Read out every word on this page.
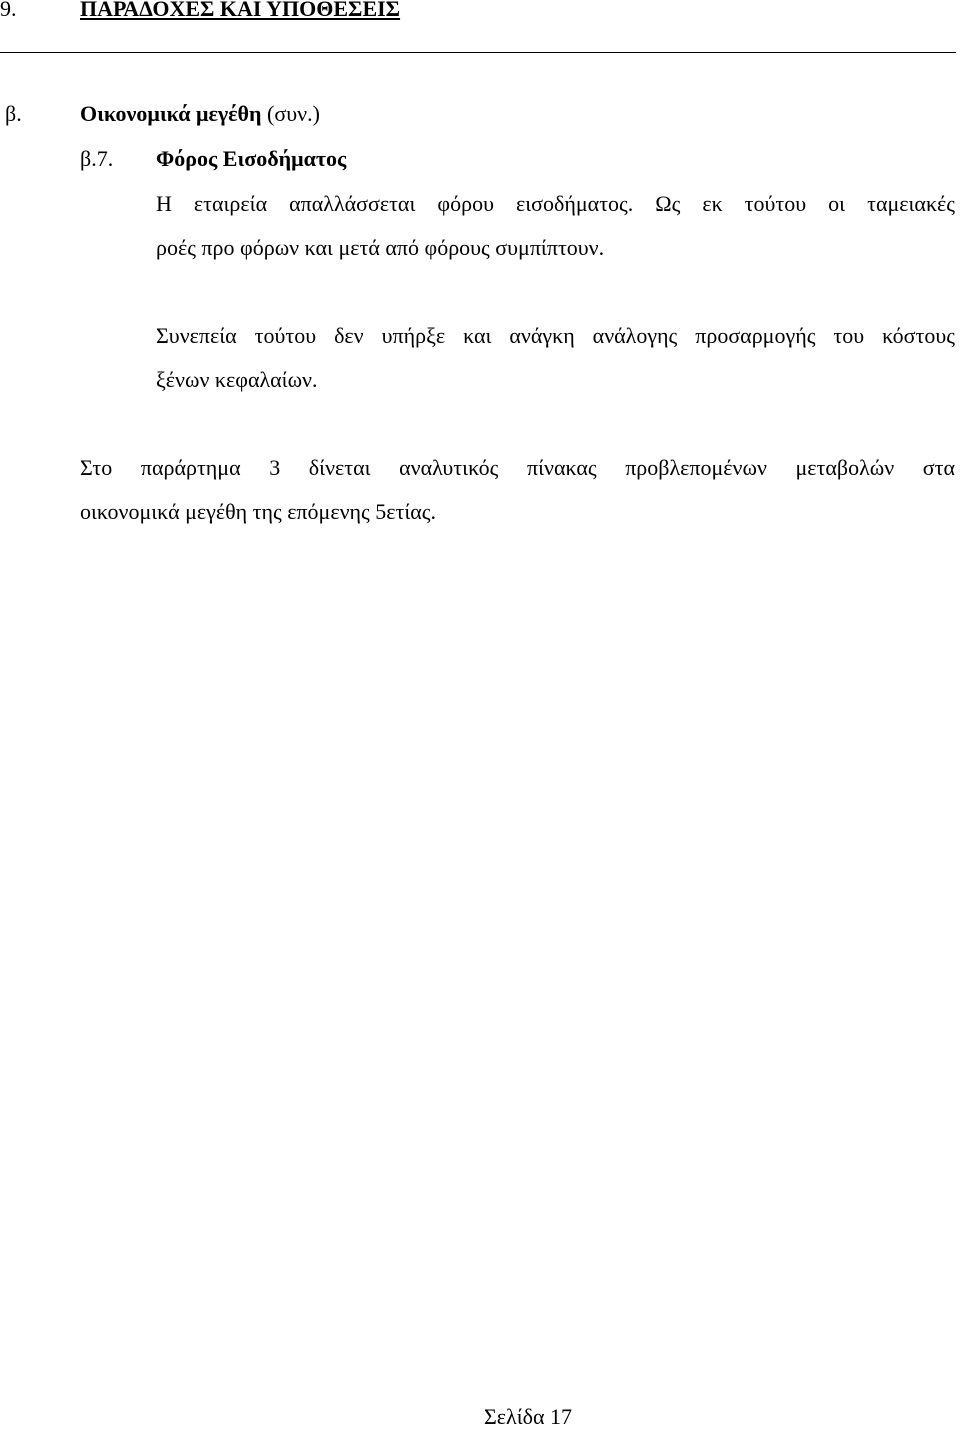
9.	ΠΑΡΑΔΟΧΕΣ ΚΑΙ ΥΠΟΘΕΣΕΙΣ
β.	Οικονομικά μεγέθη (συν.)
β.7. Φόρος Εισοδήματος
Η εταιρεία απαλλάσσεται φόρου εισοδήματος. Ως εκ τούτου οι ταμειακές
ροές προ φόρων και μετά από φόρους συμπίπτουν.
Συνεπεία τούτου δεν υπήρξε και ανάγκη ανάλογης προσαρμογής του κόστους
ξένων κεφαλαίων.
Στο παράρτημα 3 δίνεται αναλυτικός πίνακας προβλεπομένων μεταβολών στα
οικονομικά μεγέθη της επόμενης 5ετίας.
Σελίδα 17
